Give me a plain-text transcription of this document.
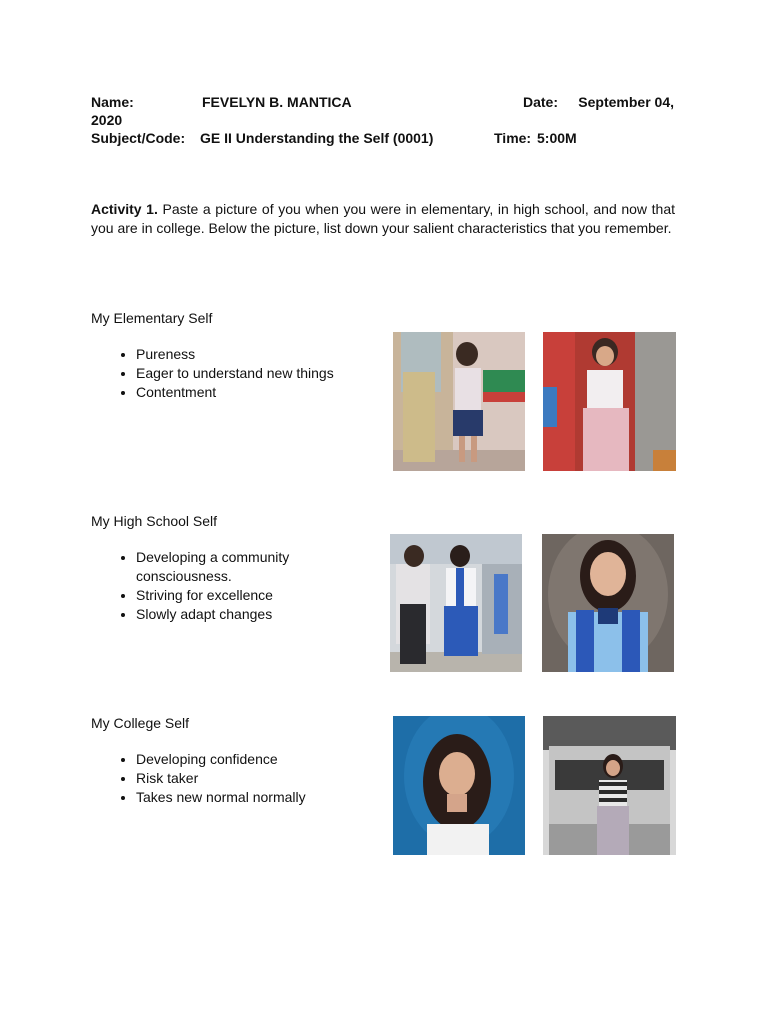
Name:	FEVELYN B. MANTICA	Date:	September 04,
2020
Subject/Code: GE II Understanding the Self (0001)	Time: 5:00M
Activity 1. Paste a picture of you when you were in elementary, in high school, and now that you are in college. Below the picture, list down your salient characteristics that you remember.
My Elementary Self
• Pureness
• Eager to understand new things
• Contentment
My High School Self
• Developing a community consciousness.
• Striving for excellence
• Slowly adapt changes
My College Self
• Developing confidence
• Risk taker
• Takes new normal normally
